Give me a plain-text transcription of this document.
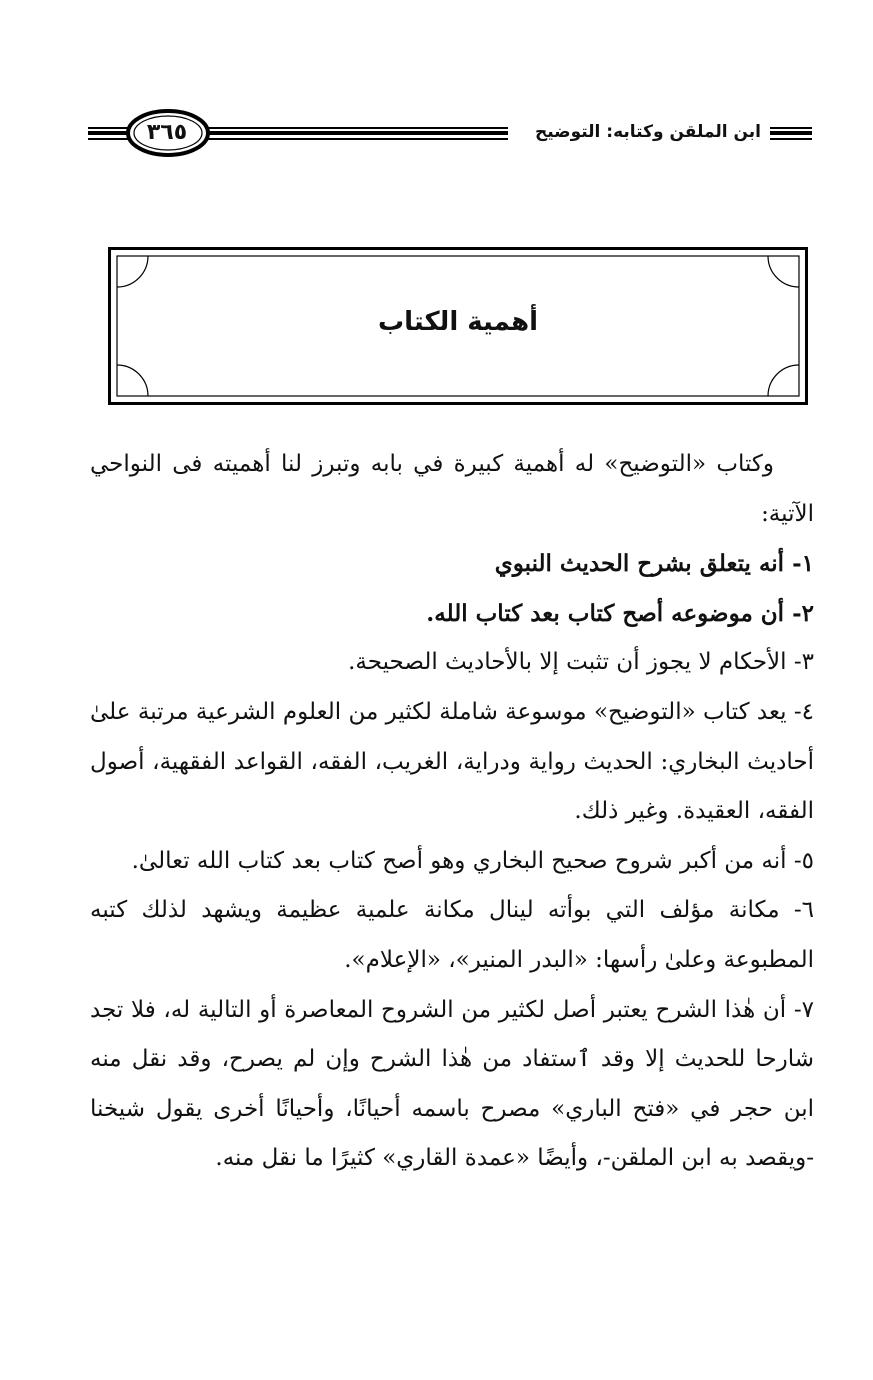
٣٦٥	ابن الملقن وكتابه: التوضيح
أهمية الكتاب

وكتاب «التوضيح» له أهمية كبيرة في بابه وتبرز لنا أهميته فى النواحي الآتية:

١- أنه يتعلق بشرح الحديث النبوي

٢- أن موضوعه أصح كتاب بعد كتاب الله.

٣- الأحكام لا يجوز أن تثبت إلا بالأحاديث الصحيحة.

٤- يعد كتاب «التوضيح» موسوعة شاملة لكثير من العلوم الشرعية مرتبة علىٰ أحاديث البخاري: الحديث رواية ودراية، الغريب، الفقه، القواعد الفقهية، أصول الفقه، العقيدة. وغير ذلك.

٥- أنه من أكبر شروح صحيح البخاري وهو أصح كتاب بعد كتاب الله تعالىٰ.

٦- مكانة مؤلف التي بوأته لينال مكانة علمية عظيمة ويشهد لذلك كتبه المطبوعة وعلىٰ رأسها: «البدر المنير»، «الإعلام».

٧- أن هٰذا الشرح يعتبر أصل لكثير من الشروح المعاصرة أو التالية له، فلا تجد شارحا للحديث إلا وقد ٱستفاد من هٰذا الشرح وإن لم يصرح، وقد نقل منه ابن حجر في «فتح الباري» مصرح باسمه أحيانًا، وأحيانًا أخرى يقول شيخنا -ويقصد به ابن الملقن-، وأيضًا «عمدة القاري» كثيرًا ما نقل منه.
